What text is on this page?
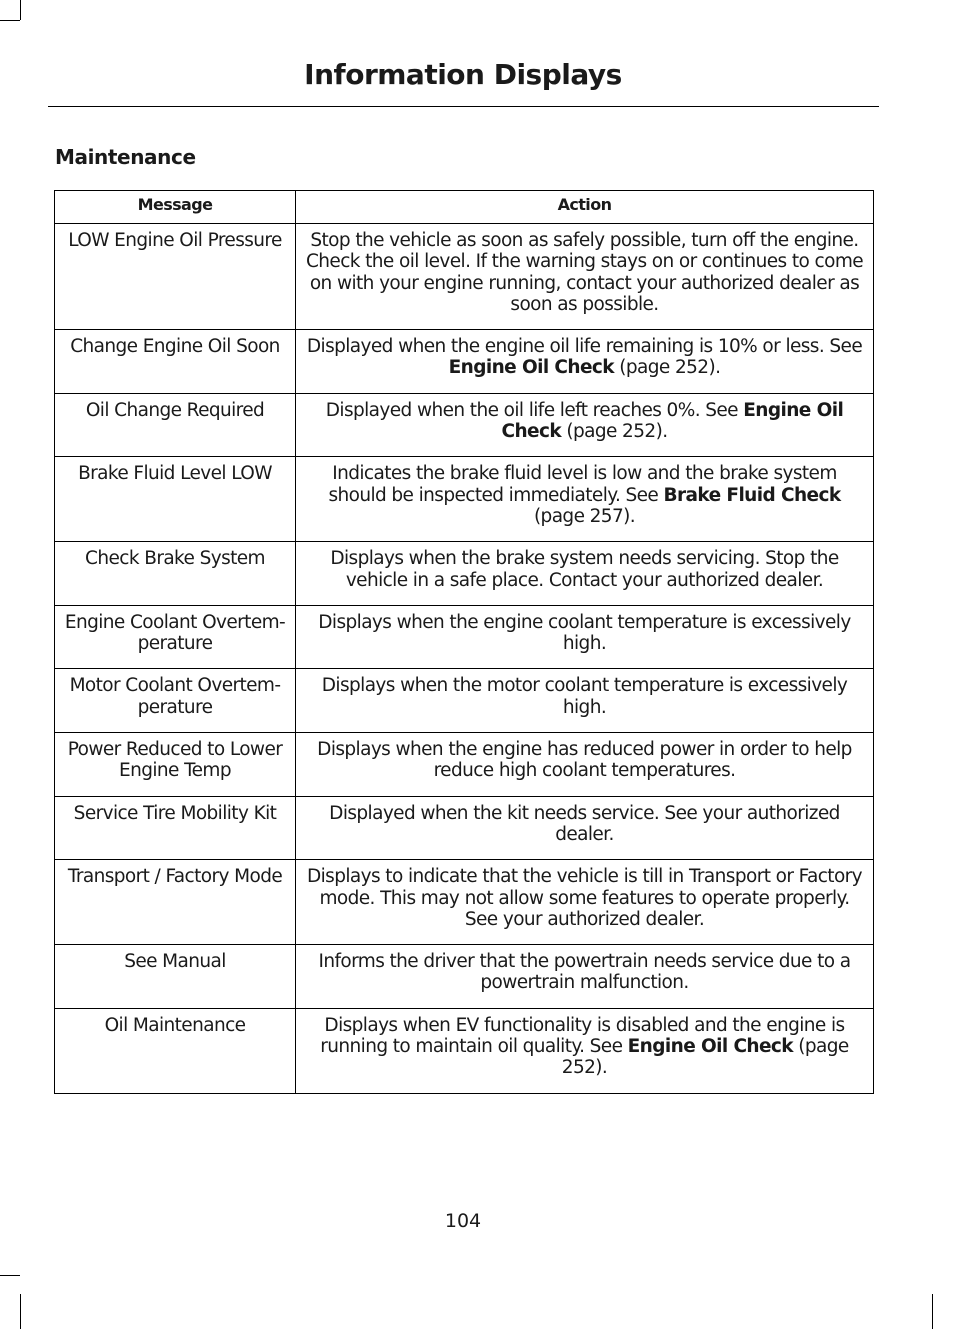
Information Displays
Maintenance
Message	Action
LOW Engine Oil Pressure	Stop the vehicle as soon as safely possible, turn off the engine. Check the oil level. If the warning stays on or continues to come on with your engine running, contact your authorized dealer as soon as possible.
Change Engine Oil Soon	Displayed when the engine oil life remaining is 10% or less. See Engine Oil Check (page 252).
Oil Change Required	Displayed when the oil life left reaches 0%. See Engine Oil Check (page 252).
Brake Fluid Level LOW	Indicates the brake fluid level is low and the brake system should be inspected immediately. See Brake Fluid Check (page 257).
Check Brake System	Displays when the brake system needs servicing. Stop the vehicle in a safe place. Contact your authorized dealer.
Engine Coolant Overtem-perature	Displays when the engine coolant temperature is excessively high.
Motor Coolant Overtem-perature	Displays when the motor coolant temperature is excessively high.
Power Reduced to Lower Engine Temp	Displays when the engine has reduced power in order to help reduce high coolant temperatures.
Service Tire Mobility Kit	Displayed when the kit needs service. See your authorized dealer.
Transport / Factory Mode	Displays to indicate that the vehicle is till in Transport or Factory mode. This may not allow some features to operate properly. See your authorized dealer.
See Manual	Informs the driver that the powertrain needs service due to a powertrain malfunction.
Oil Maintenance	Displays when EV functionality is disabled and the engine is running to maintain oil quality. See Engine Oil Check (page 252).
104
